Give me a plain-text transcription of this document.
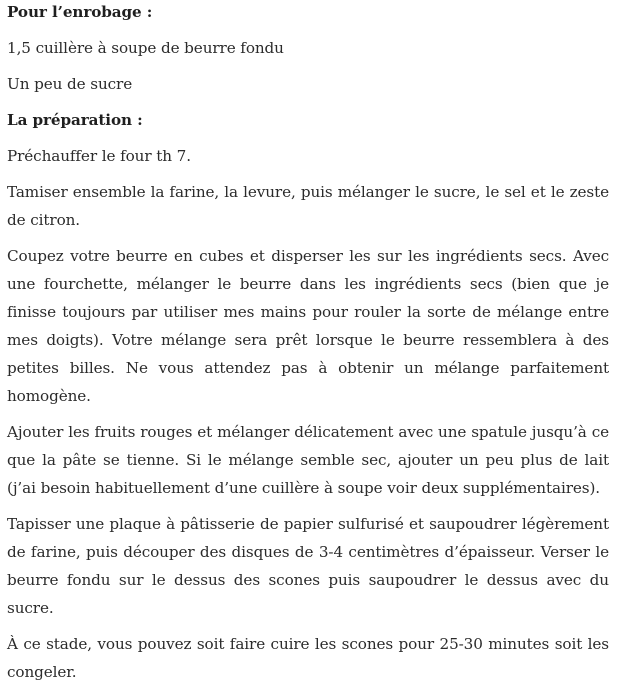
Pour l’enrobage :

1,5 cuillère à soupe de beurre fondu

Un peu de sucre

La préparation :

Préchauffer le four th 7.

Tamiser ensemble la farine, la levure, puis mélanger le sucre, le sel et le zeste de citron.

Coupez votre beurre en cubes et disperser les sur les ingrédients secs. Avec une fourchette, mélanger le beurre dans les ingrédients secs (bien que je finisse toujours par utiliser mes mains pour rouler la sorte de mélange entre mes doigts). Votre mélange sera prêt lorsque le beurre ressemblera à des petites billes. Ne vous attendez pas à obtenir un mélange parfaitement homogène.

Ajouter les fruits rouges et mélanger délicatement avec une spatule jusqu’à ce que la pâte se tienne. Si le mélange semble sec, ajouter un peu plus de lait (j’ai besoin habituellement d’une cuillère à soupe voir deux supplémentaires).

Tapisser une plaque à pâtisserie de papier sulfurisé et saupoudrer légèrement de farine, puis découper des disques de 3-4 centimètres d’épaisseur. Verser le beurre fondu sur le dessus des scones puis saupoudrer le dessus avec du sucre.

À ce stade, vous pouvez soit faire cuire les scones pour 25-30 minutes soit les congeler.
